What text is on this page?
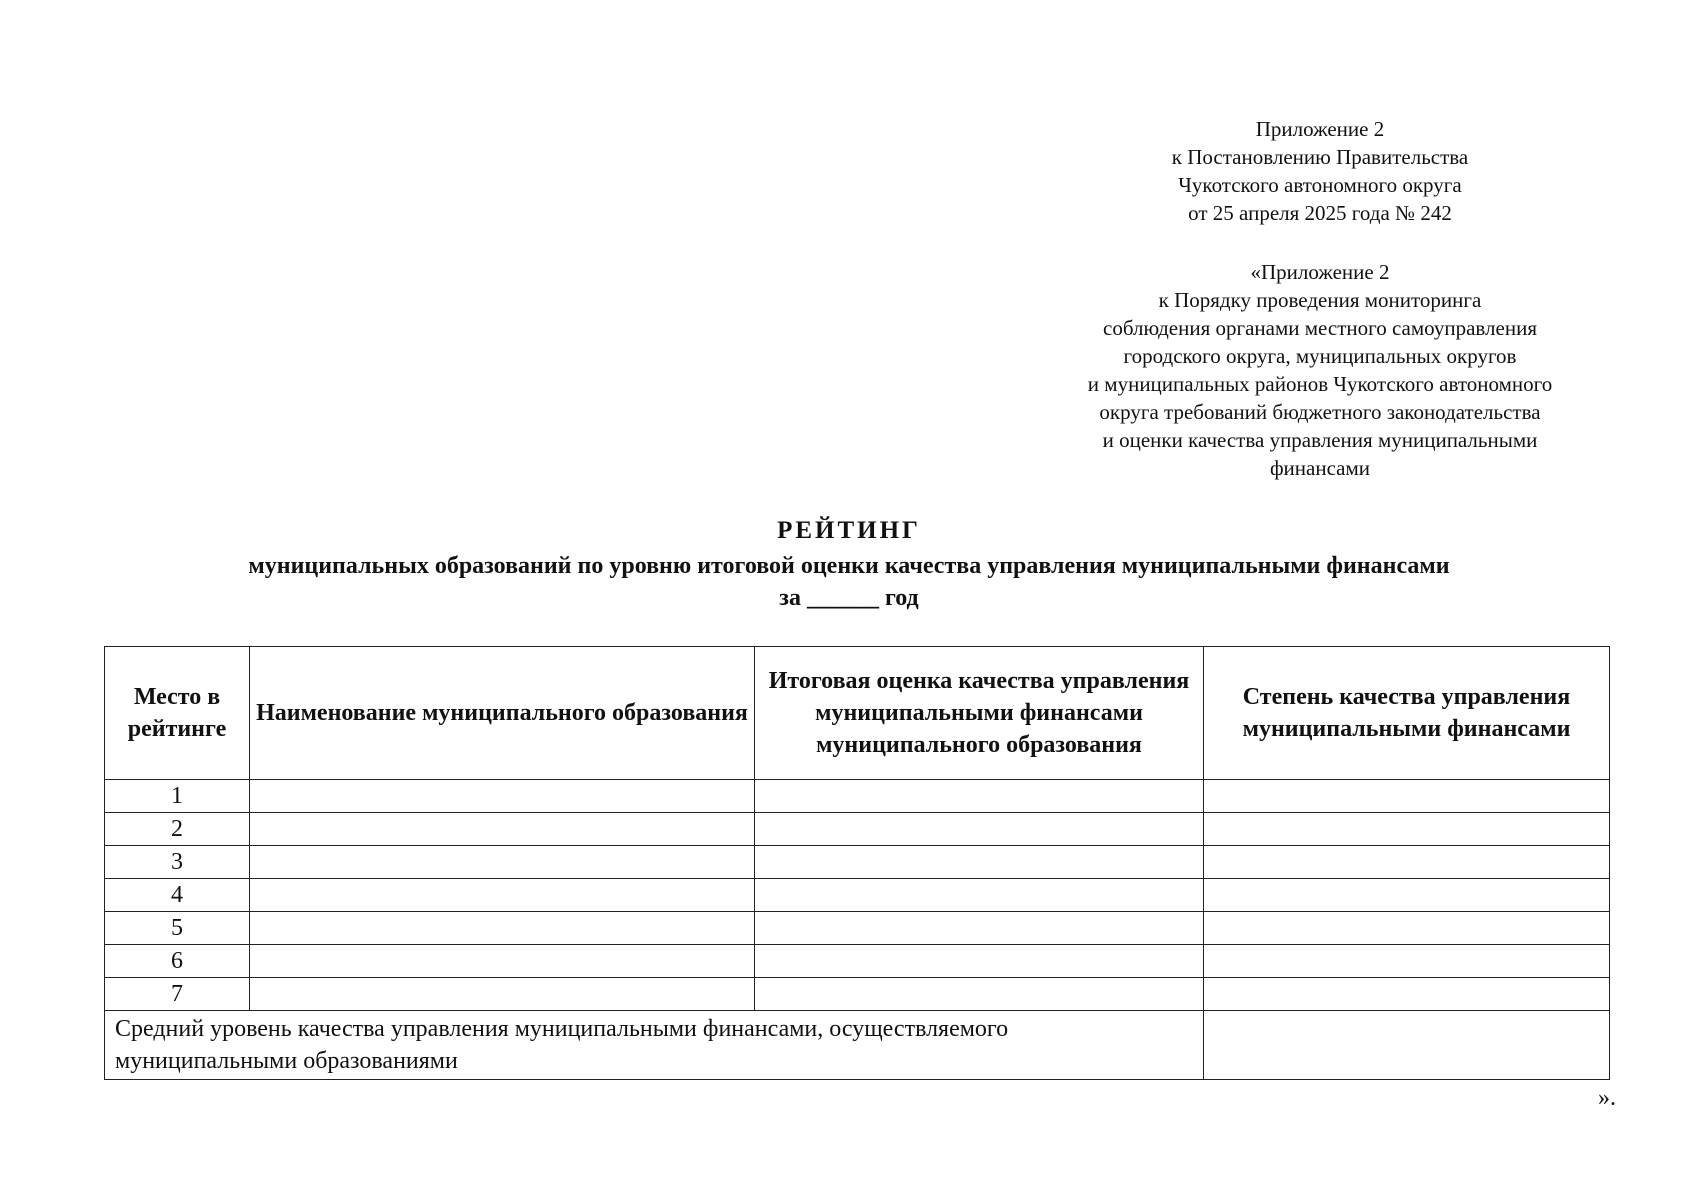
Приложение 2
к Постановлению Правительства
Чукотского автономного округа
от 25 апреля 2025 года № 242
«Приложение 2
к Порядку проведения мониторинга
соблюдения органами местного самоуправления
городского округа, муниципальных округов
и муниципальных районов Чукотского автономного
округа требований бюджетного законодательства
и оценки качества управления муниципальными
финансами
РЕЙТИНГ
муниципальных образований по уровню итоговой оценки качества управления муниципальными финансами
за ______ год
Место в рейтинге	Наименование муниципального образования	Итоговая оценка качества управления муниципальными финансами муниципального образования	Степень качества управления муниципальными финансами
1			
2			
3			
4			
5			
6			
7			
Средний уровень качества управления муниципальными финансами, осуществляемого муниципальными образованиями			
».
